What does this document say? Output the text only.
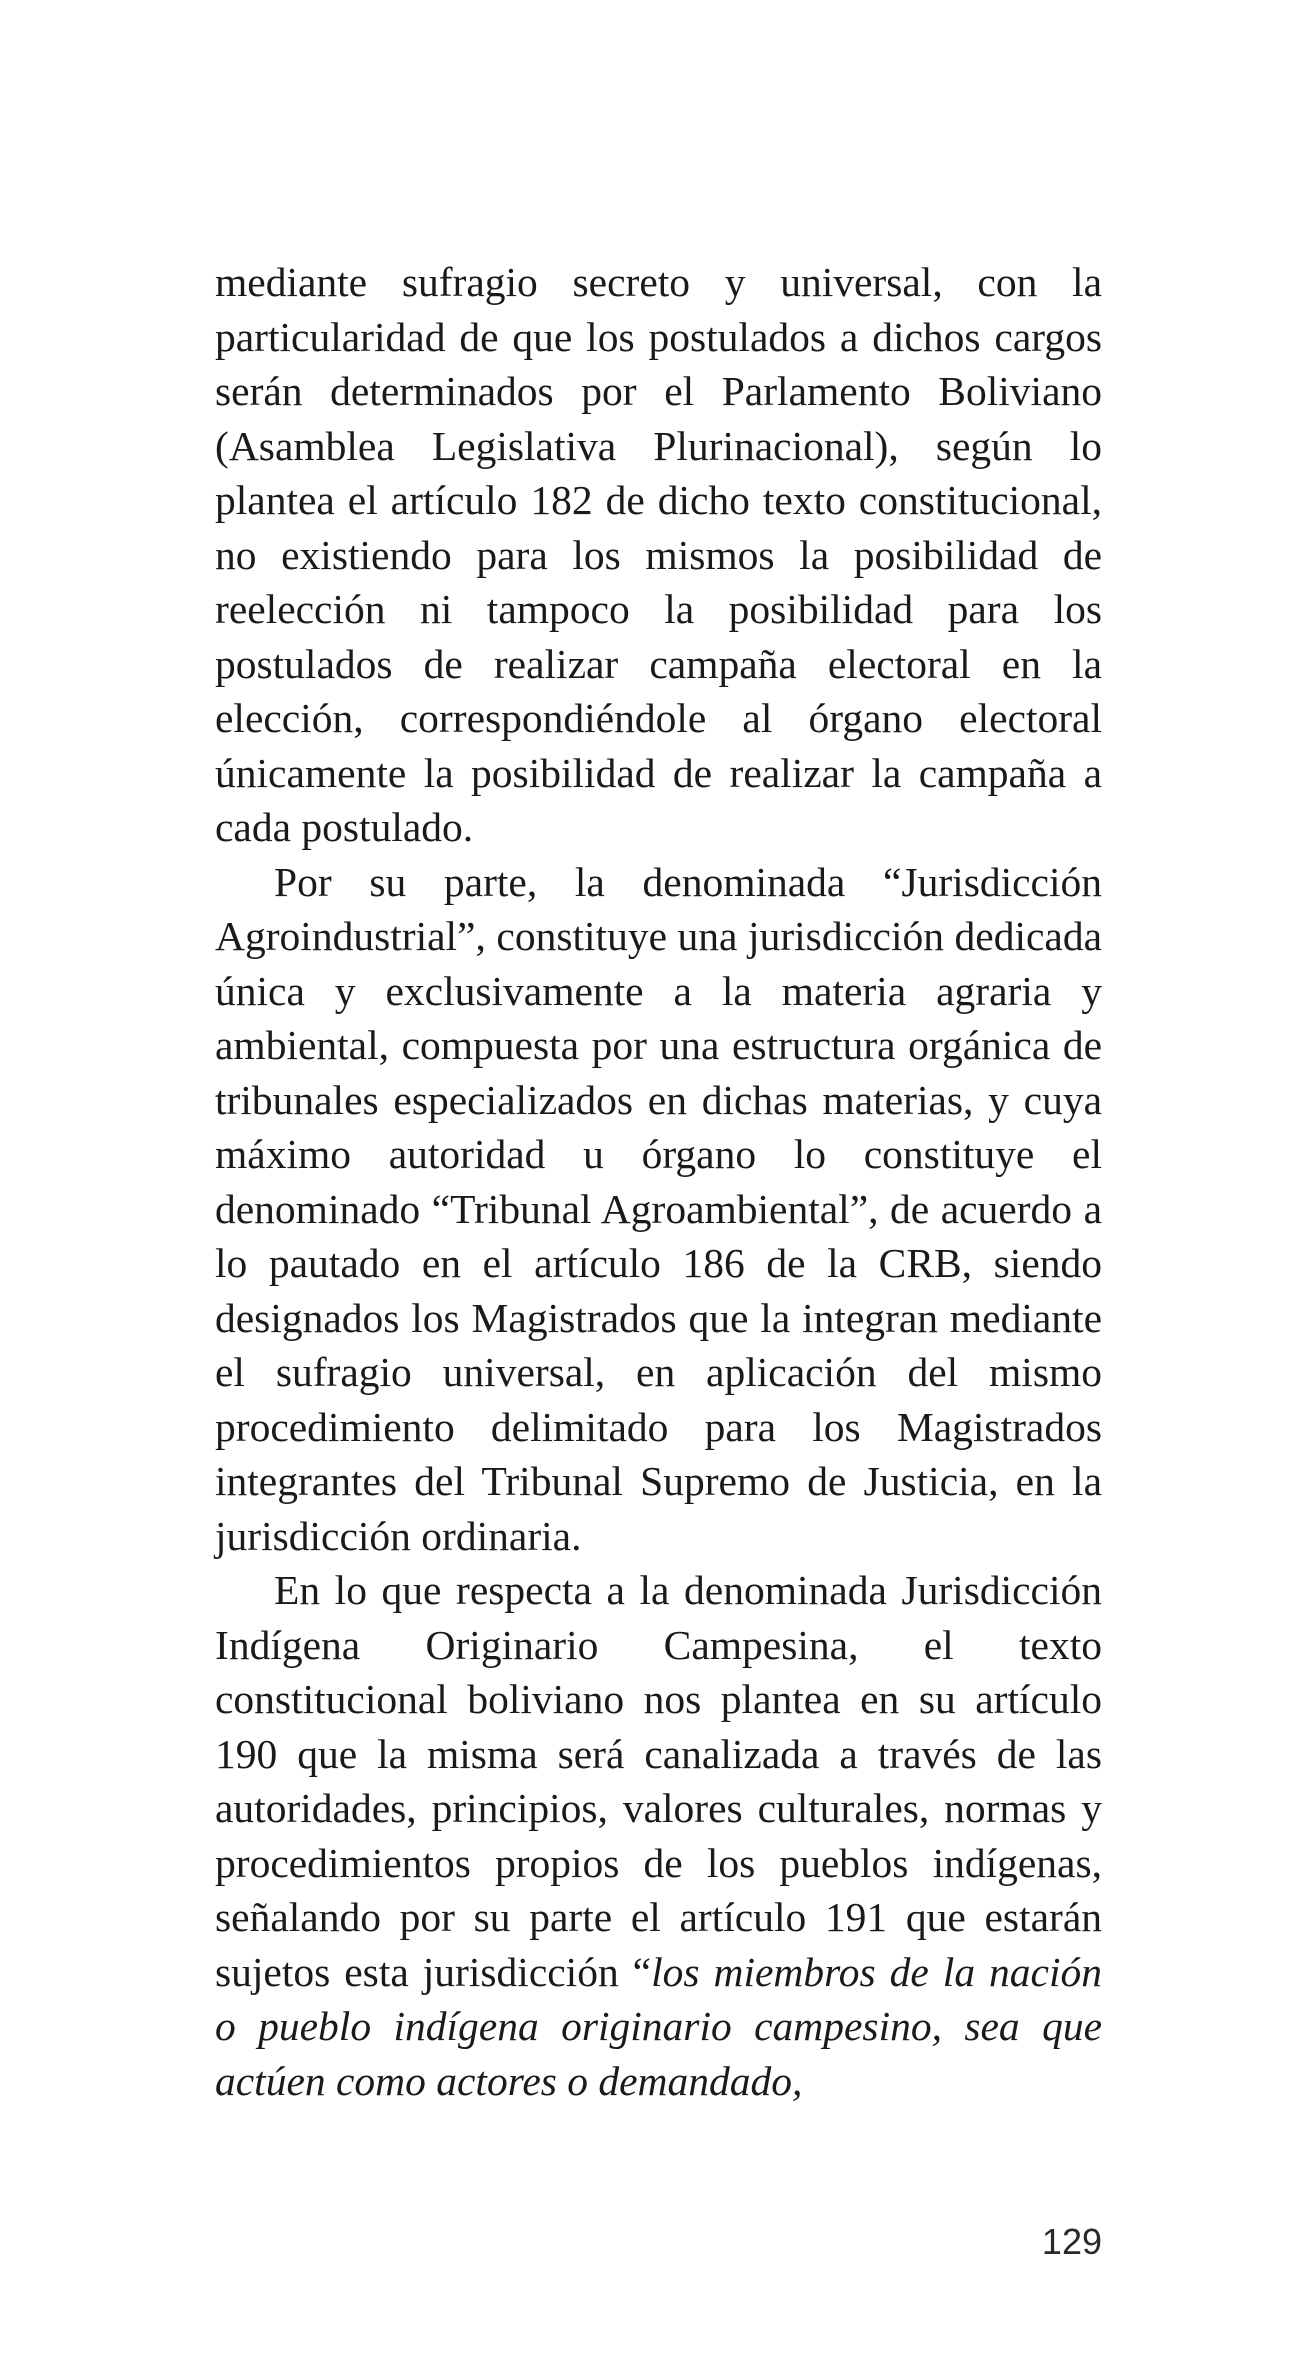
mediante sufragio secreto y universal, con la particularidad de que los postulados a dichos cargos serán determinados por el Parlamento Boliviano (Asamblea Legislativa Plurinacional), según lo plantea el artículo 182 de dicho texto constitucional, no existiendo para los mismos la posibilidad de reelección ni tampoco la posibilidad para los postulados de realizar campaña electoral en la elección, correspondiéndole al órgano electoral únicamente la posibilidad de realizar la campaña a cada postulado.

Por su parte, la denominada “Jurisdicción Agroindustrial”, constituye una jurisdicción dedicada única y exclusivamente a la materia agraria y ambiental, compuesta por una estructura orgánica de tribunales especializados en dichas materias, y cuya máximo autoridad u órgano lo constituye el denominado “Tribunal Agroambiental”, de acuerdo a lo pautado en el artículo 186 de la CRB, siendo designados los Magistrados que la integran mediante el sufragio universal, en aplicación del mismo procedimiento delimitado para los Magistrados integrantes del Tribunal Supremo de Justicia, en la jurisdicción ordinaria.

En lo que respecta a la denominada Jurisdicción Indígena Originario Campesina, el texto constitucional boliviano nos plantea en su artículo 190 que la misma será canalizada a través de las autoridades, principios, valores culturales, normas y procedimientos propios de los pueblos indígenas, señalando por su parte el artículo 191 que estarán sujetos esta jurisdicción “los miembros de la nación o pueblo indígena originario campesino, sea que actúen como actores o demandado,

129
